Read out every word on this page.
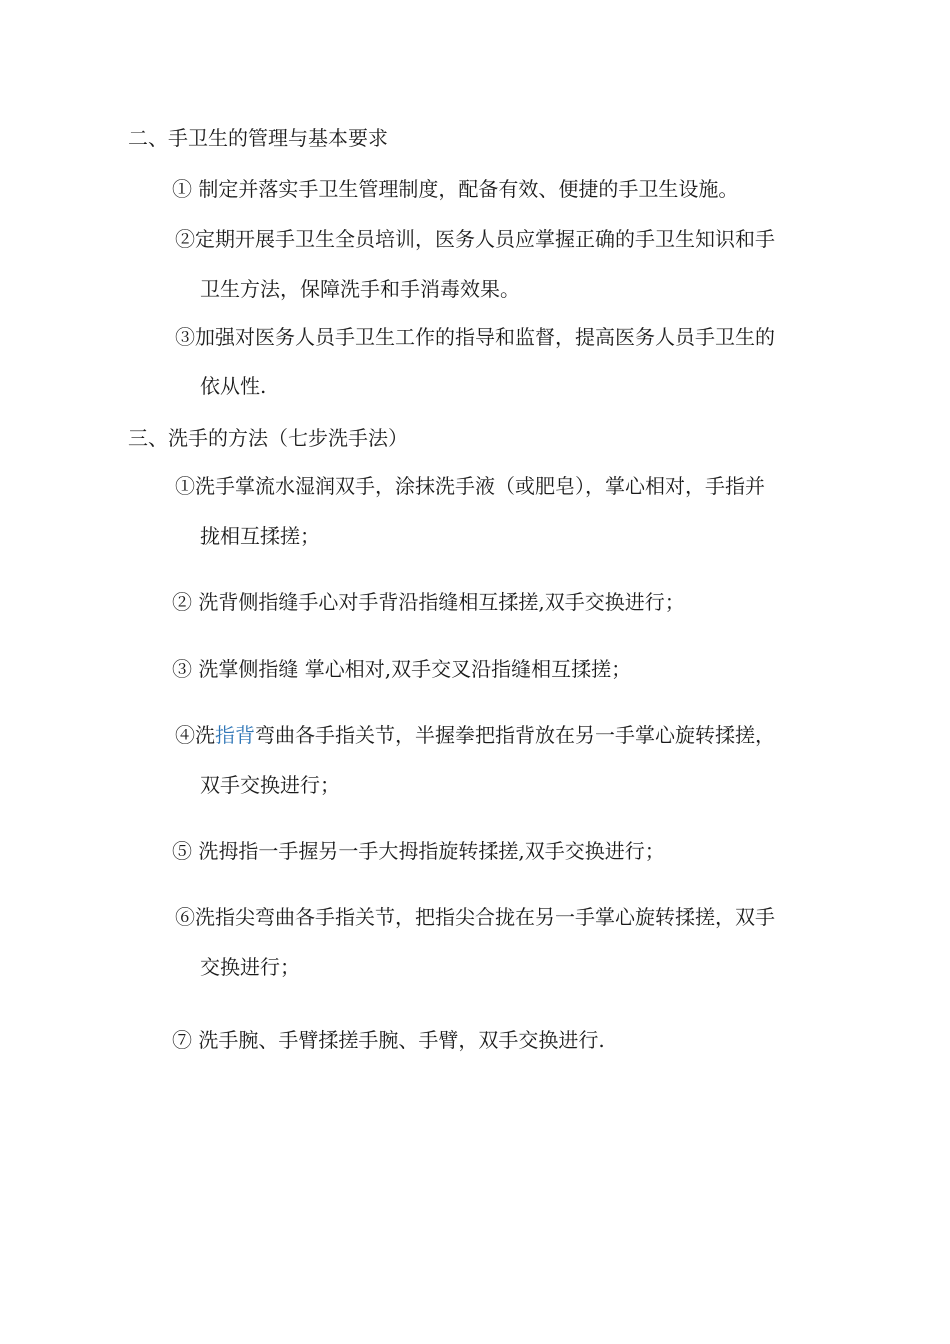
二、手卫生的管理与基本要求
① 制定并落实手卫生管理制度，配备有效、便捷的手卫生设施。
②定期开展手卫生全员培训，医务人员应掌握正确的手卫生知识和手
卫生方法，保障洗手和手消毒效果。
③加强对医务人员手卫生工作的指导和监督，提高医务人员手卫生的
依从性.
三、洗手的方法（七步洗手法）
①洗手掌流水湿润双手，涂抹洗手液（或肥皂），掌心相对，手指并
拢相互揉搓；
② 洗背侧指缝手心对手背沿指缝相互揉搓,双手交换进行；
③ 洗掌侧指缝 掌心相对,双手交叉沿指缝相互揉搓；
④洗指背弯曲各手指关节，半握拳把指背放在另一手掌心旋转揉搓，
双手交换进行；
⑤ 洗拇指一手握另一手大拇指旋转揉搓,双手交换进行；
⑥洗指尖弯曲各手指关节，把指尖合拢在另一手掌心旋转揉搓，双手
交换进行；
⑦ 洗手腕、手臂揉搓手腕、手臂，双手交换进行.
